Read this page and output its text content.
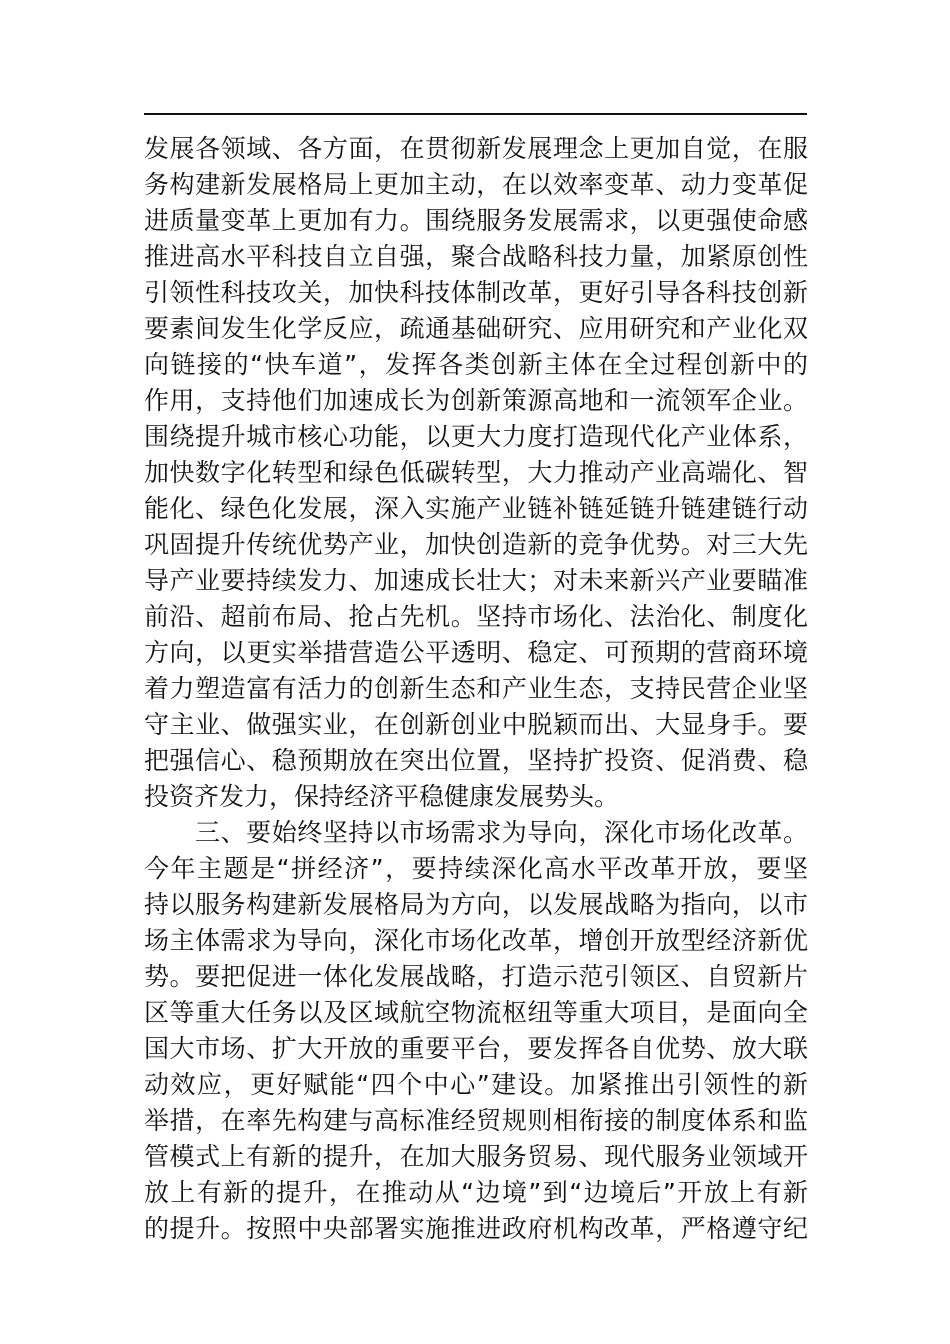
发展各领域、各方面，在贯彻新发展理念上更加自觉，在服

务构建新发展格局上更加主动，在以效率变革、动力变革促

进质量变革上更加有力。围绕服务发展需求，以更强使命感

推进高水平科技自立自强，聚合战略科技力量，加紧原创性

引领性科技攻关，加快科技体制改革，更好引导各科技创新

要素间发生化学反应，疏通基础研究、应用研究和产业化双

向链接的“快车道”，发挥各类创新主体在全过程创新中的

作用，支持他们加速成长为创新策源高地和一流领军企业。

围绕提升城市核心功能，以更大力度打造现代化产业体系，

加快数字化转型和绿色低碳转型，大力推动产业高端化、智

能化、绿色化发展，深入实施产业链补链延链升链建链行动

巩固提升传统优势产业，加快创造新的竞争优势。对三大先

导产业要持续发力、加速成长壮大；对未来新兴产业要瞄准

前沿、超前布局、抢占先机。坚持市场化、法治化、制度化

方向，以更实举措营造公平透明、稳定、可预期的营商环境

着力塑造富有活力的创新生态和产业生态，支持民营企业坚

守主业、做强实业，在创新创业中脱颖而出、大显身手。要

把强信心、稳预期放在突出位置，坚持扩投资、促消费、稳

投资齐发力，保持经济平稳健康发展势头。

三、要始终坚持以市场需求为导向，深化市场化改革。

今年主题是“拼经济”，要持续深化高水平改革开放，要坚

持以服务构建新发展格局为方向，以发展战略为指向，以市

场主体需求为导向，深化市场化改革，增创开放型经济新优

势。要把促进一体化发展战略，打造示范引领区、自贸新片

区等重大任务以及区域航空物流枢纽等重大项目，是面向全

国大市场、扩大开放的重要平台，要发挥各自优势、放大联

动效应，更好赋能“四个中心”建设。加紧推出引领性的新

举措，在率先构建与高标准经贸规则相衔接的制度体系和监

管模式上有新的提升，在加大服务贸易、现代服务业领域开

放上有新的提升，在推动从“边境”到“边境后”开放上有新

的提升。按照中央部署实施推进政府机构改革，严格遵守纪
